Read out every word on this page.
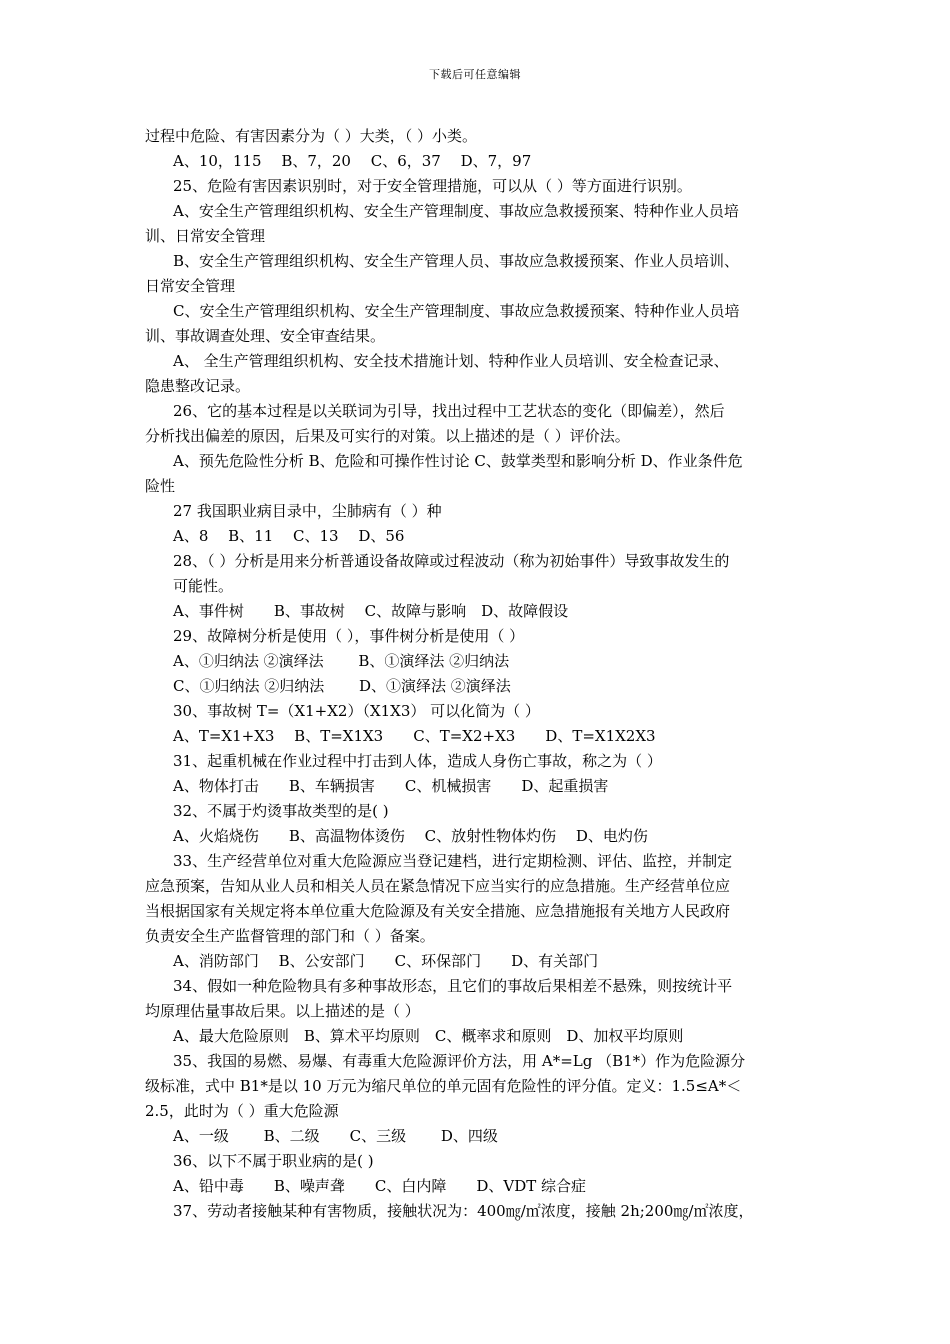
下载后可任意编辑
过程中危险、有害因素分为（ ）大类，（ ）小类。
A、10，115　 B、7，20　 C、6，37　 D、7，97
25、危险有害因素识别时，对于安全管理措施，可以从（ ）等方面进行识别。
A、安全生产管理组织机构、安全生产管理制度、事故应急救援预案、特种作业人员培
训、日常安全管理
B、安全生产管理组织机构、安全生产管理人员、事故应急救援预案、作业人员培训、
日常安全管理
C、安全生产管理组织机构、安全生产管理制度、事故应急救援预案、特种作业人员培
训、事故调查处理、安全审查结果。
A、 全生产管理组织机构、安全技术措施计划、特种作业人员培训、安全检查记录、
隐患整改记录。
26、它的基本过程是以关联词为引导，找出过程中工艺状态的变化（即偏差），然后
分析找出偏差的原因，后果及可实行的对策。以上描述的是（ ）评价法。
A、预先危险性分析 B、危险和可操作性讨论 C、鼓掌类型和影响分析 D、作业条件危
险性
27 我国职业病目录中，尘肺病有（ ）种
A、8　 B、11　 C、13　 D、56
28、（ ）分析是用来分析普通设备故障或过程波动（称为初始事件）导致事故发生的
可能性。
A、事件树　　B、事故树　 C、故障与影响　D、故障假设
29、故障树分析是使用（ ），事件树分析是使用（ ）
A、①归纳法 ②演绎法　　 B、①演绎法 ②归纳法
C、①归纳法 ②归纳法　　 D、①演绎法 ②演绎法
30、事故树 T=（X1+X2）（X1X3） 可以化简为（ ）
A、T=X1+X3　 B、T=X1X3　　C、T=X2+X3　　D、T=X1X2X3
31、起重机械在作业过程中打击到人体，造成人身伤亡事故，称之为（ ）
A、物体打击　　B、车辆损害　　C、机械损害　　D、起重损害
32、不属于灼烫事故类型的是( )
A、火焰烧伤　　B、高温物体烫伤　 C、放射性物体灼伤　 D、电灼伤
33、生产经营单位对重大危险源应当登记建档，进行定期检测、评估、监控，并制定
应急预案，告知从业人员和相关人员在紧急情况下应当实行的应急措施。生产经营单位应
当根据国家有关规定将本单位重大危险源及有关安全措施、应急措施报有关地方人民政府
负责安全生产监督管理的部门和（ ）备案。
A、消防部门　 B、公安部门　　C、环保部门　　D、有关部门
34、假如一种危险物具有多种事故形态，且它们的事故后果相差不悬殊，则按统计平
均原理估量事故后果。以上描述的是（ ）
A、最大危险原则　B、算术平均原则　C、概率求和原则　D、加权平均原则
35、我国的易燃、易爆、有毒重大危险源评价方法，用 A*=Lg （B1*）作为危险源分
级标准，式中 B1*是以 10 万元为缩尺单位的单元固有危险性的评分值。定义：1.5≤A*＜
2.5，此时为（ ）重大危险源
A、一级　　 B、二级　　C、三级　　 D、四级
36、以下不属于职业病的是( )
A、铅中毒　　B、噪声聋　　C、白内障　　D、VDT 综合症
37、劳动者接触某种有害物质，接触状况为：400㎎/㎡浓度，接触 2h;200㎎/㎡浓度，
